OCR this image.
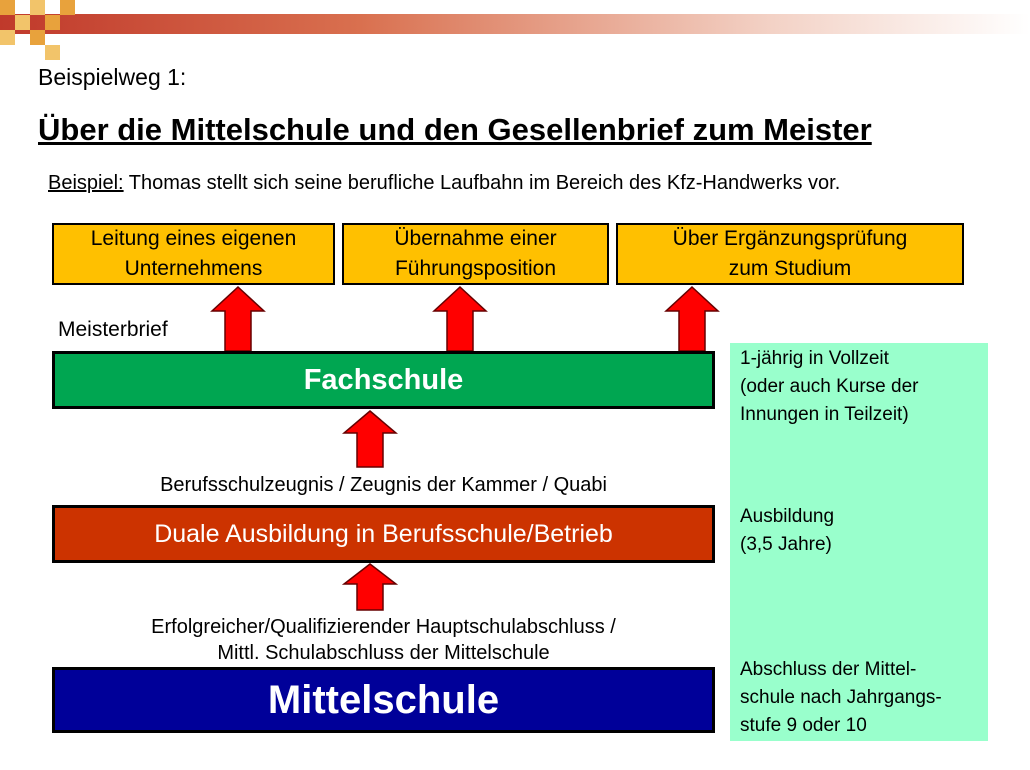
Beispielweg 1:
Über die Mittelschule und den Gesellenbrief zum Meister
Beispiel: Thomas stellt sich seine berufliche Laufbahn im Bereich des Kfz-Handwerks vor.
Leitung eines eigenen
Unternehmens
Übernahme einer
Führungsposition
Über Ergänzungsprüfung
zum Studium
Meisterbrief
Fachschule
Berufsschulzeugnis / Zeugnis der Kammer / Quabi
Duale Ausbildung in Berufsschule/Betrieb
Erfolgreicher/Qualifizierender Hauptschulabschluss /
Mittl. Schulabschluss der Mittelschule
Mittelschule
1-jährig in Vollzeit
(oder auch Kurse der
Innungen in Teilzeit)
Ausbildung
(3,5 Jahre)
Abschluss der Mittel-
schule nach Jahrgangs-
stufe 9 oder 10
